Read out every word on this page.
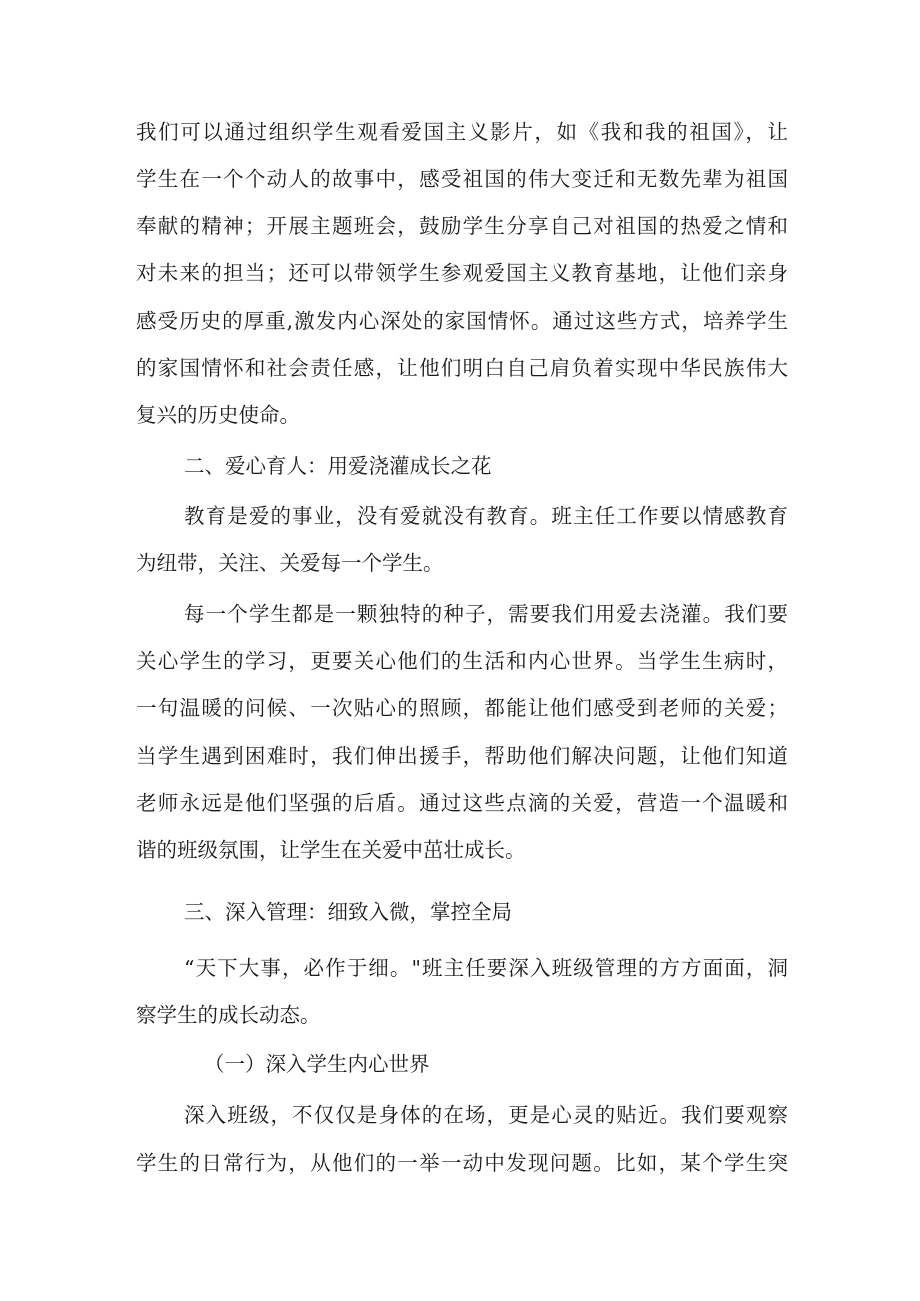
我们可以通过组织学生观看爱国主义影片，如《我和我的祖国》，让

学生在一个个动人的故事中，感受祖国的伟大变迁和无数先辈为祖国

奉献的精神；开展主题班会，鼓励学生分享自己对祖国的热爱之情和

对未来的担当；还可以带领学生参观爱国主义教育基地，让他们亲身

感受历史的厚重,激发内心深处的家国情怀。通过这些方式，培养学生

的家国情怀和社会责任感，让他们明白自己肩负着实现中华民族伟大

复兴的历史使命。

二、爱心育人：用爱浇灌成长之花

教育是爱的事业，没有爱就没有教育。班主任工作要以情感教育

为纽带，关注、关爱每一个学生。

每一个学生都是一颗独特的种子，需要我们用爱去浇灌。我们要

关心学生的学习，更要关心他们的生活和内心世界。当学生生病时，

一句温暖的问候、一次贴心的照顾，都能让他们感受到老师的关爱；

当学生遇到困难时，我们伸出援手，帮助他们解决问题，让他们知道

老师永远是他们坚强的后盾。通过这些点滴的关爱，营造一个温暖和

谐的班级氛围，让学生在关爱中茁壮成长。

三、深入管理：细致入微，掌控全局

“天下大事，必作于细。"班主任要深入班级管理的方方面面，洞

察学生的成长动态。

（一）深入学生内心世界

深入班级，不仅仅是身体的在场，更是心灵的贴近。我们要观察

学生的日常行为，从他们的一举一动中发现问题。比如，某个学生突
